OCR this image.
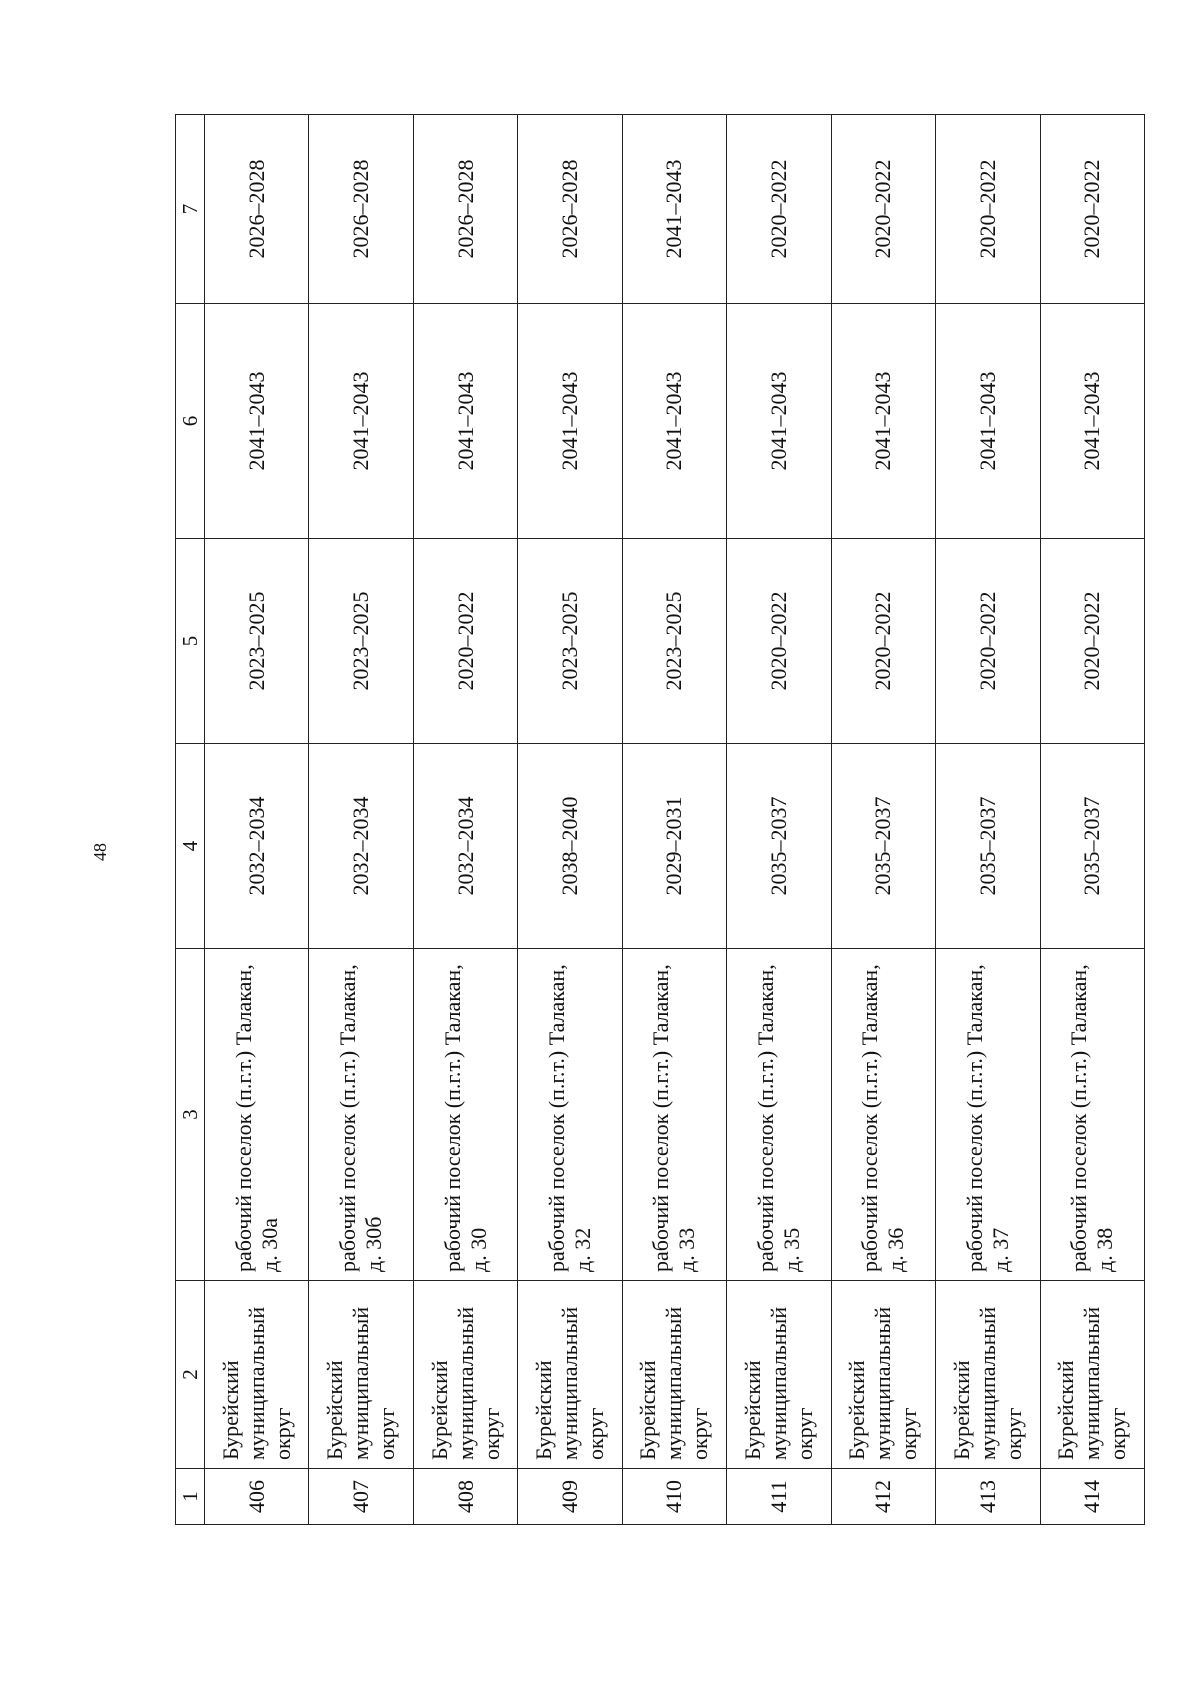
48
1	2	3	4	5	6	7
406	Бурейский муниципальный округ	рабочий поселок (п.г.т.) Талакан, д. 30а	2032–2034	2023–2025	2041–2043	2026–2028
407	Бурейский муниципальный округ	рабочий поселок (п.г.т.) Талакан, д. 30б	2032–2034	2023–2025	2041–2043	2026–2028
408	Бурейский муниципальный округ	рабочий поселок (п.г.т.) Талакан, д. 30	2032–2034	2020–2022	2041–2043	2026–2028
409	Бурейский муниципальный округ	рабочий поселок (п.г.т.) Талакан, д. 32	2038–2040	2023–2025	2041–2043	2026–2028
410	Бурейский муниципальный округ	рабочий поселок (п.г.т.) Талакан, д. 33	2029–2031	2023–2025	2041–2043	2041–2043
411	Бурейский муниципальный округ	рабочий поселок (п.г.т.) Талакан, д. 35	2035–2037	2020–2022	2041–2043	2020–2022
412	Бурейский муниципальный округ	рабочий поселок (п.г.т.) Талакан, д. 36	2035–2037	2020–2022	2041–2043	2020–2022
413	Бурейский муниципальный округ	рабочий поселок (п.г.т.) Талакан, д. 37	2035–2037	2020–2022	2041–2043	2020–2022
414	Бурейский муниципальный округ	рабочий поселок (п.г.т.) Талакан, д. 38	2035–2037	2020–2022	2041–2043	2020–2022
